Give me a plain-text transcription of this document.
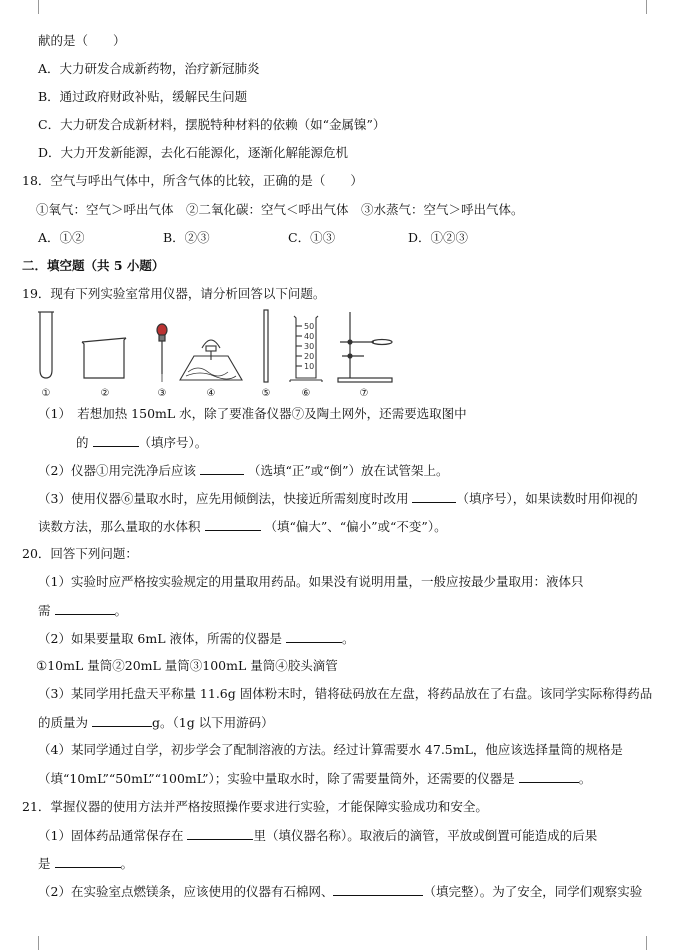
献的是（　　）
A．大力研发合成新药物，治疗新冠肺炎
B．通过政府财政补贴，缓解民生问题
C．大力研发合成新材料，摆脱特种材料的依赖（如“金属镍”）
D．大力开发新能源，去化石能源化，逐渐化解能源危机
18．空气与呼出气体中，所含气体的比较，正确的是（　　）
①氧气：空气＞呼出气体　②二氧化碳：空气＜呼出气体　③水蒸气：空气＞呼出气体。
A．①②	B．②③	C．①③	D．①②③
二．填空题（共 5 小题）
19．现有下列实验室常用仪器，请分析回答以下问题。
50
40
30
20
10
①	②	③	④	⑤	⑥	⑦
（1）　若想加热 150mL 水，除了要准备仪器⑦及陶土网外，还需要选取图中
的	（填序号）。
（2）仪器①用完洗净后应该	（选填“正”或“倒”）放在试管架上。
（3）使用仪器⑥量取水时，应先用倾倒法，快接近所需刻度时改用	（填序号），如果读数时用仰视的
读数方法，那么量取的水体积	（填“偏大”、“偏小”或“不变”）。
20．回答下列问题：
（1）实验时应严格按实验规定的用量取用药品。如果没有说明用量，一般应按最少量取用：液体只
需	。
（2）如果要量取 6mL 液体，所需的仪器是	。
①10mL 量筒②20mL 量筒③100mL 量筒④胶头滴管
（3）某同学用托盘天平称量 11.6g 固体粉末时，错将砝码放在左盘，将药品放在了右盘。该同学实际称得药品
的质量为	g。（1g 以下用游码）
（4）某同学通过自学，初步学会了配制溶液的方法。经过计算需要水 47.5mL，他应该选择量筒的规格是
（填“10mL”“50mL”“100mL”）；实验中量取水时，除了需要量筒外，还需要的仪器是	。
21．掌握仪器的使用方法并严格按照操作要求进行实验，才能保障实验成功和安全。
（1）固体药品通常保存在	里（填仪器名称）。取液后的滴管，平放或倒置可能造成的后果
是	。
（2）在实验室点燃镁条，应该使用的仪器有石棉网、	（填完整）。为了安全，同学们观察实验
